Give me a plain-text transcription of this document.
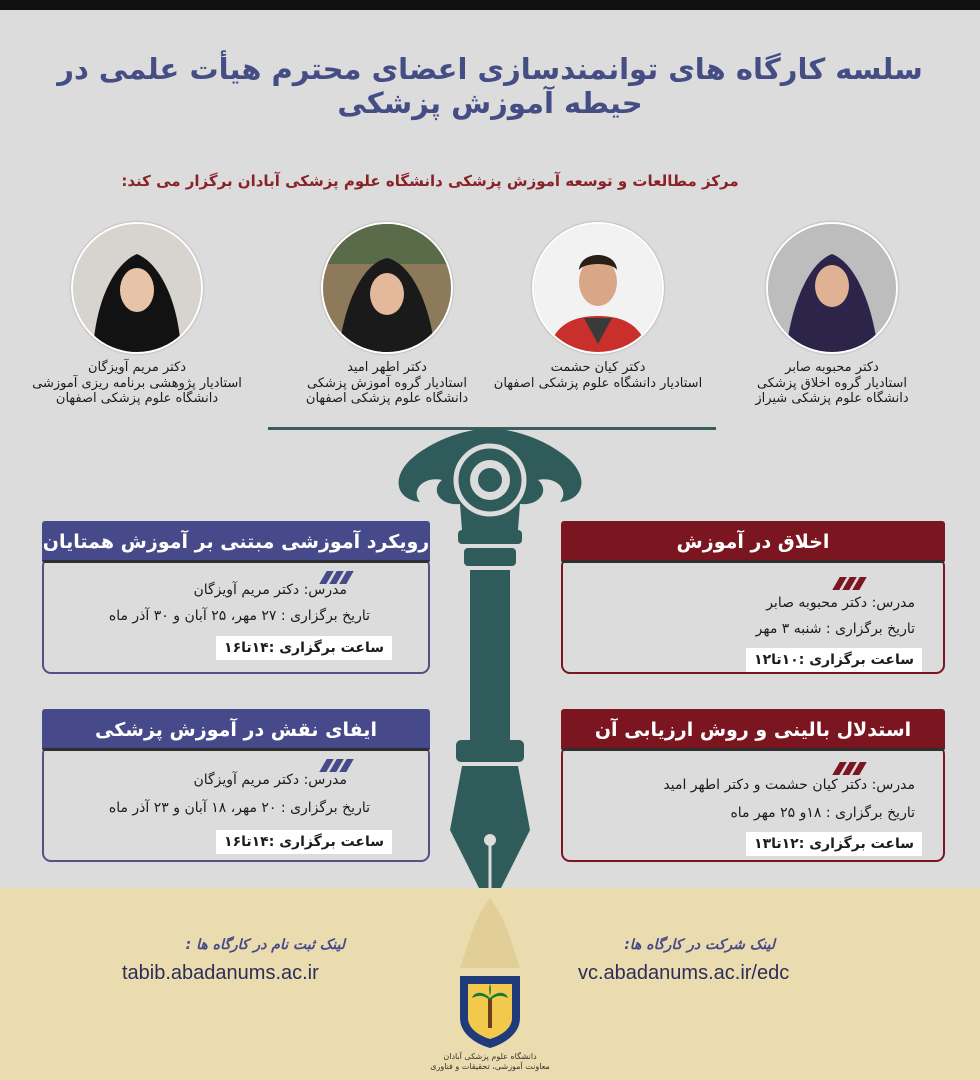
سلسه کارگاه های توانمندسازی اعضای محترم هیأت علمی در حیطه آموزش پزشکی
مرکز مطالعات و توسعه آموزش پزشکی دانشگاه علوم پزشکی آبادان برگزار می کند:
دکتر مریم آویزگان
استادیار پژوهشی برنامه ریزی آموزشی
دانشگاه علوم پزشکی اصفهان
دکتر اطهر امید
استادیار گروه آموزش پزشکی
دانشگاه علوم پزشکی اصفهان
دکتر کیان حشمت
استادیار دانشگاه علوم پزشکی اصفهان
دکتر محبوبه صابر
استادیار گروه اخلاق پزشکی
دانشگاه علوم پزشکی شیراز
رویکرد آموزشی مبتنی بر آموزش همتایان
مدرس: دکتر مریم آویزگان
تاریخ برگزاری : ۲۷ مهر، ۲۵ آبان و ۳۰ آذر ماه
ساعت برگزاری :۱۴تا۱۶
اخلاق در آموزش
مدرس: دکتر محبوبه صابر
تاریخ برگزاری : شنبه ۳ مهر
ساعت برگزاری :۱۰تا۱۲
ایفای نقش در آموزش پزشکی
مدرس: دکتر مریم آویزگان
تاریخ برگزاری : ۲۰ مهر، ۱۸ آبان و ۲۳ آذر ماه
ساعت برگزاری :۱۴تا۱۶
استدلال بالینی و روش ارزیابی آن
مدرس: دکتر کیان حشمت و دکتر اطهر امید
تاریخ برگزاری : ۱۸و ۲۵ مهر ماه
ساعت برگزاری :۱۲تا۱۳
لینک ثبت نام در کارگاه ها :
tabib.abadanums.ac.ir
لینک شرکت در کارگاه ها:
vc.abadanums.ac.ir/edc
دانشگاه علوم پزشکی آبادان
معاونت آموزشی، تحقیقات و فناوری
